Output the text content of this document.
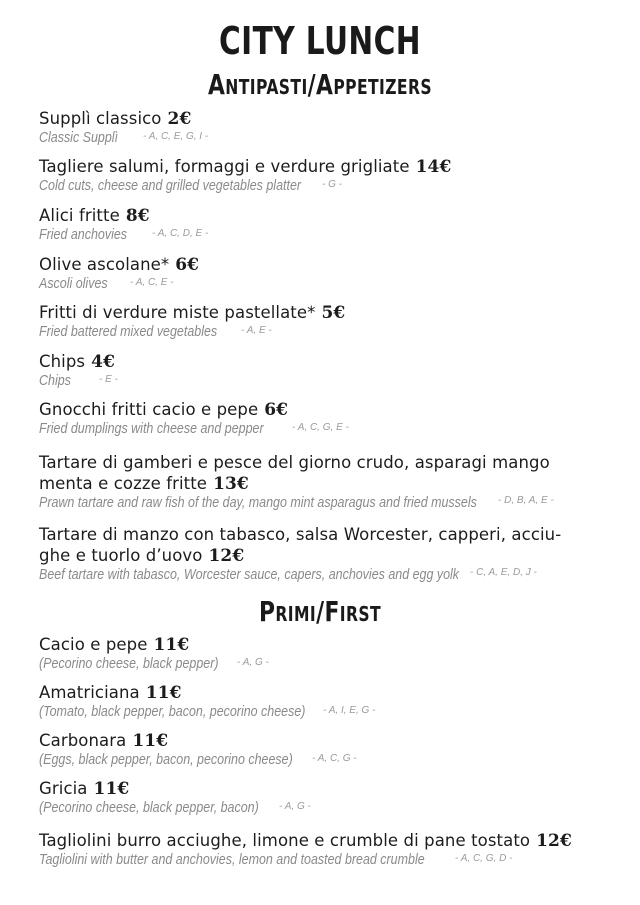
CITY LUNCH
Antipasti/Appetizers

Supplì classico 2€

Classic Supplì - A, C, E, G, I -

Tagliere salumi, formaggi e verdure grigliate 14€

Cold cuts, cheese and grilled vegetables platter - G -

Alici fritte 8€

Fried anchovies - A, C, D, E -

Olive ascolane* 6€

Ascoli olives - A, C, E -

Fritti di verdure miste pastellate* 5€

Fried battered mixed vegetables - A, E -

Chips 4€

Chips	- E -

Gnocchi fritti cacio e pepe 6€

Fried dumplings with cheese and pepper	- A, C, G, E -

Tartare di gamberi e pesce del giorno crudo, asparagi mango

menta e cozze fritte 13€

Prawn tartare and raw fish of the day, mango mint asparagus and fried mussels - D, B, A, E -

Tartare di manzo con tabasco, salsa Worcester, capperi, acciu-

ghe e tuorlo d’uovo 12€

Beef tartare with tabasco, Worcester sauce, capers, anchovies and egg yolk - C, A, E, D, J -
Primi/First

Cacio e pepe 11€

(Pecorino cheese, black pepper) - A, G -

Amatriciana 11€

(Tomato, black pepper, bacon, pecorino cheese) - A, I, E, G -

Carbonara 11€

(Eggs, black pepper, bacon, pecorino cheese) - A, C, G -

Gricia 11€

(Pecorino cheese, black pepper, bacon) - A, G -

Tagliolini burro acciughe, limone e crumble di pane tostato 12€

Tagliolini with butter and anchovies, lemon and toasted bread crumble	- A, C, G, D -
